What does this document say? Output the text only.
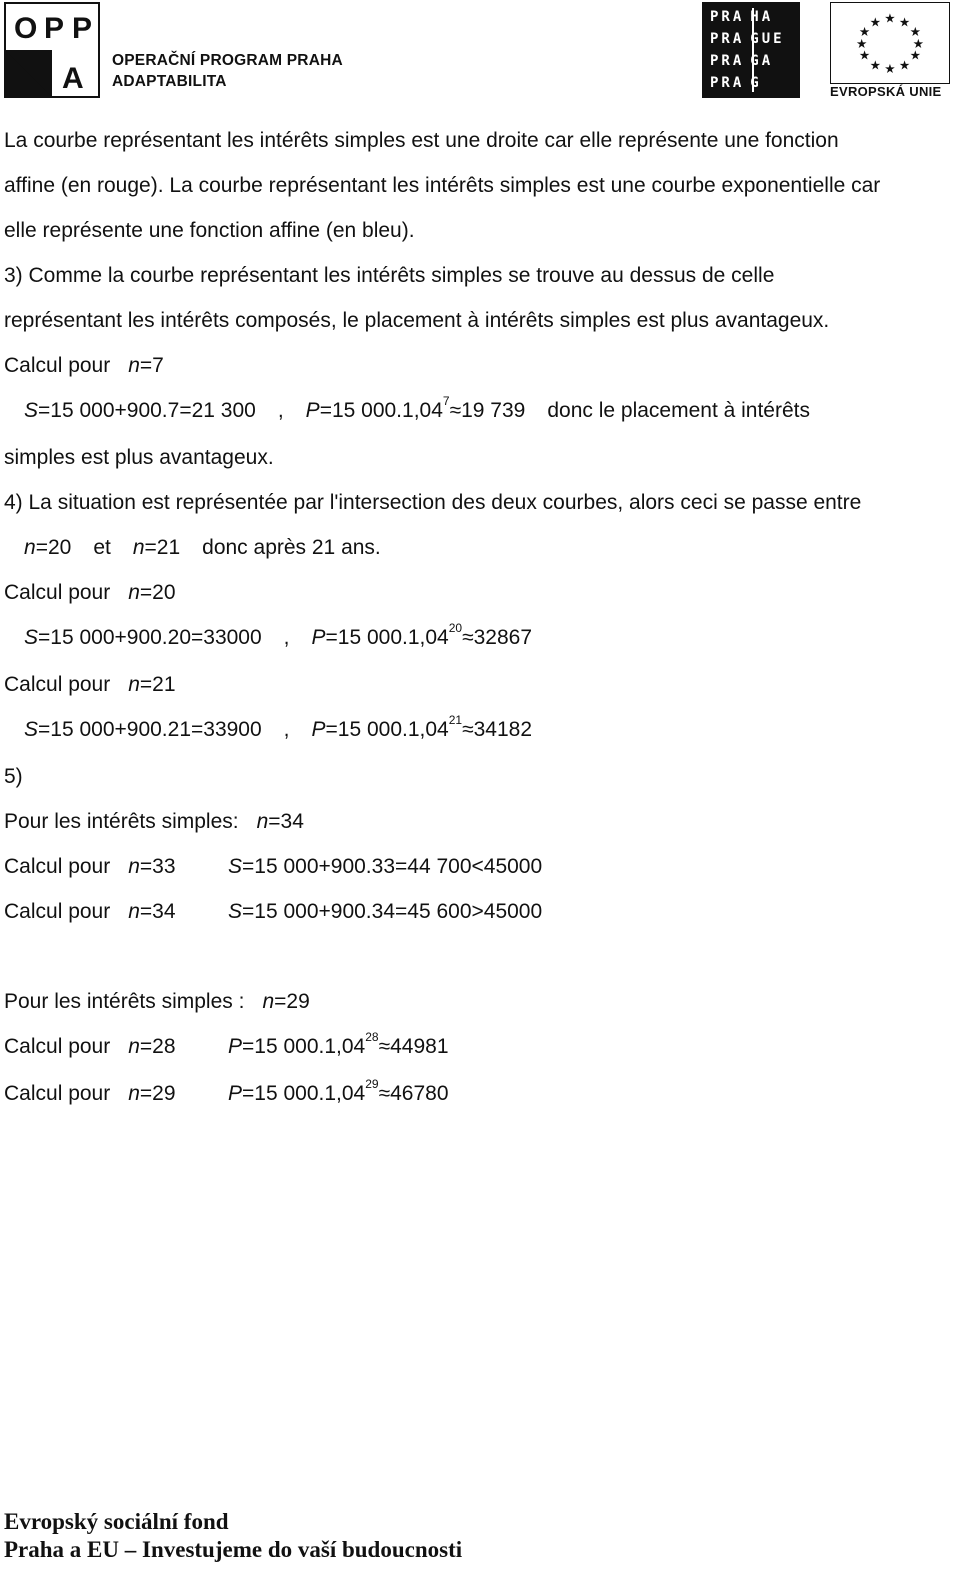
O P P
A
OPERAČNÍ PROGRAM PRAHA
ADAPTABILITA
PRA HA
PRA GUE
PRA GA
PRA G
★ ★
★
★
★
★
★
★
★
★
★
★
EVROPSKÁ UNIE
La courbe représentant les intérêts simples est une droite car elle représente une fonction
affine (en rouge). La courbe représentant les intérêts simples est une courbe exponentielle car
elle représente une fonction affine (en bleu).
3) Comme la courbe représentant les intérêts simples se trouve au dessus de celle
représentant les intérêts composés, le placement à intérêts simples est plus avantageux.
Calcul pour n=7
S=15 000+900.7=21 300 , P=15 $000.1,04^7\approx 19$ 739 donc le placement à intérêts
simples est plus avantageux.
4) La situation est représentée par l'intersection des deux courbes, alors ceci se passe entre
n=20 et n=21 donc après 21 ans.
Calcul pour n=20
S=15 000+900.20=33000 , P=15 $000.1,04^{20}\approx 32867$
Calcul pour n=21
S=15 000+900.21=33900 , P=15 $000.1,04^{21}\approx 34182$
5)
Pour les intérêts simples: n=34
Calcul pour n=33 S=15 000+900.33=44 700<45000
Calcul pour n=34 S=15 000+900.34=45 600>45000
Pour les intérêts simples : n=29
Calcul pour n=28 P=15 $000.1,04^{28}\approx 44981$
Calcul pour n=29 P=15 $000.1,04^{29}\approx 46780$
Evropský sociální fond
Praha a EU – Investujeme do vaší budoucnosti
